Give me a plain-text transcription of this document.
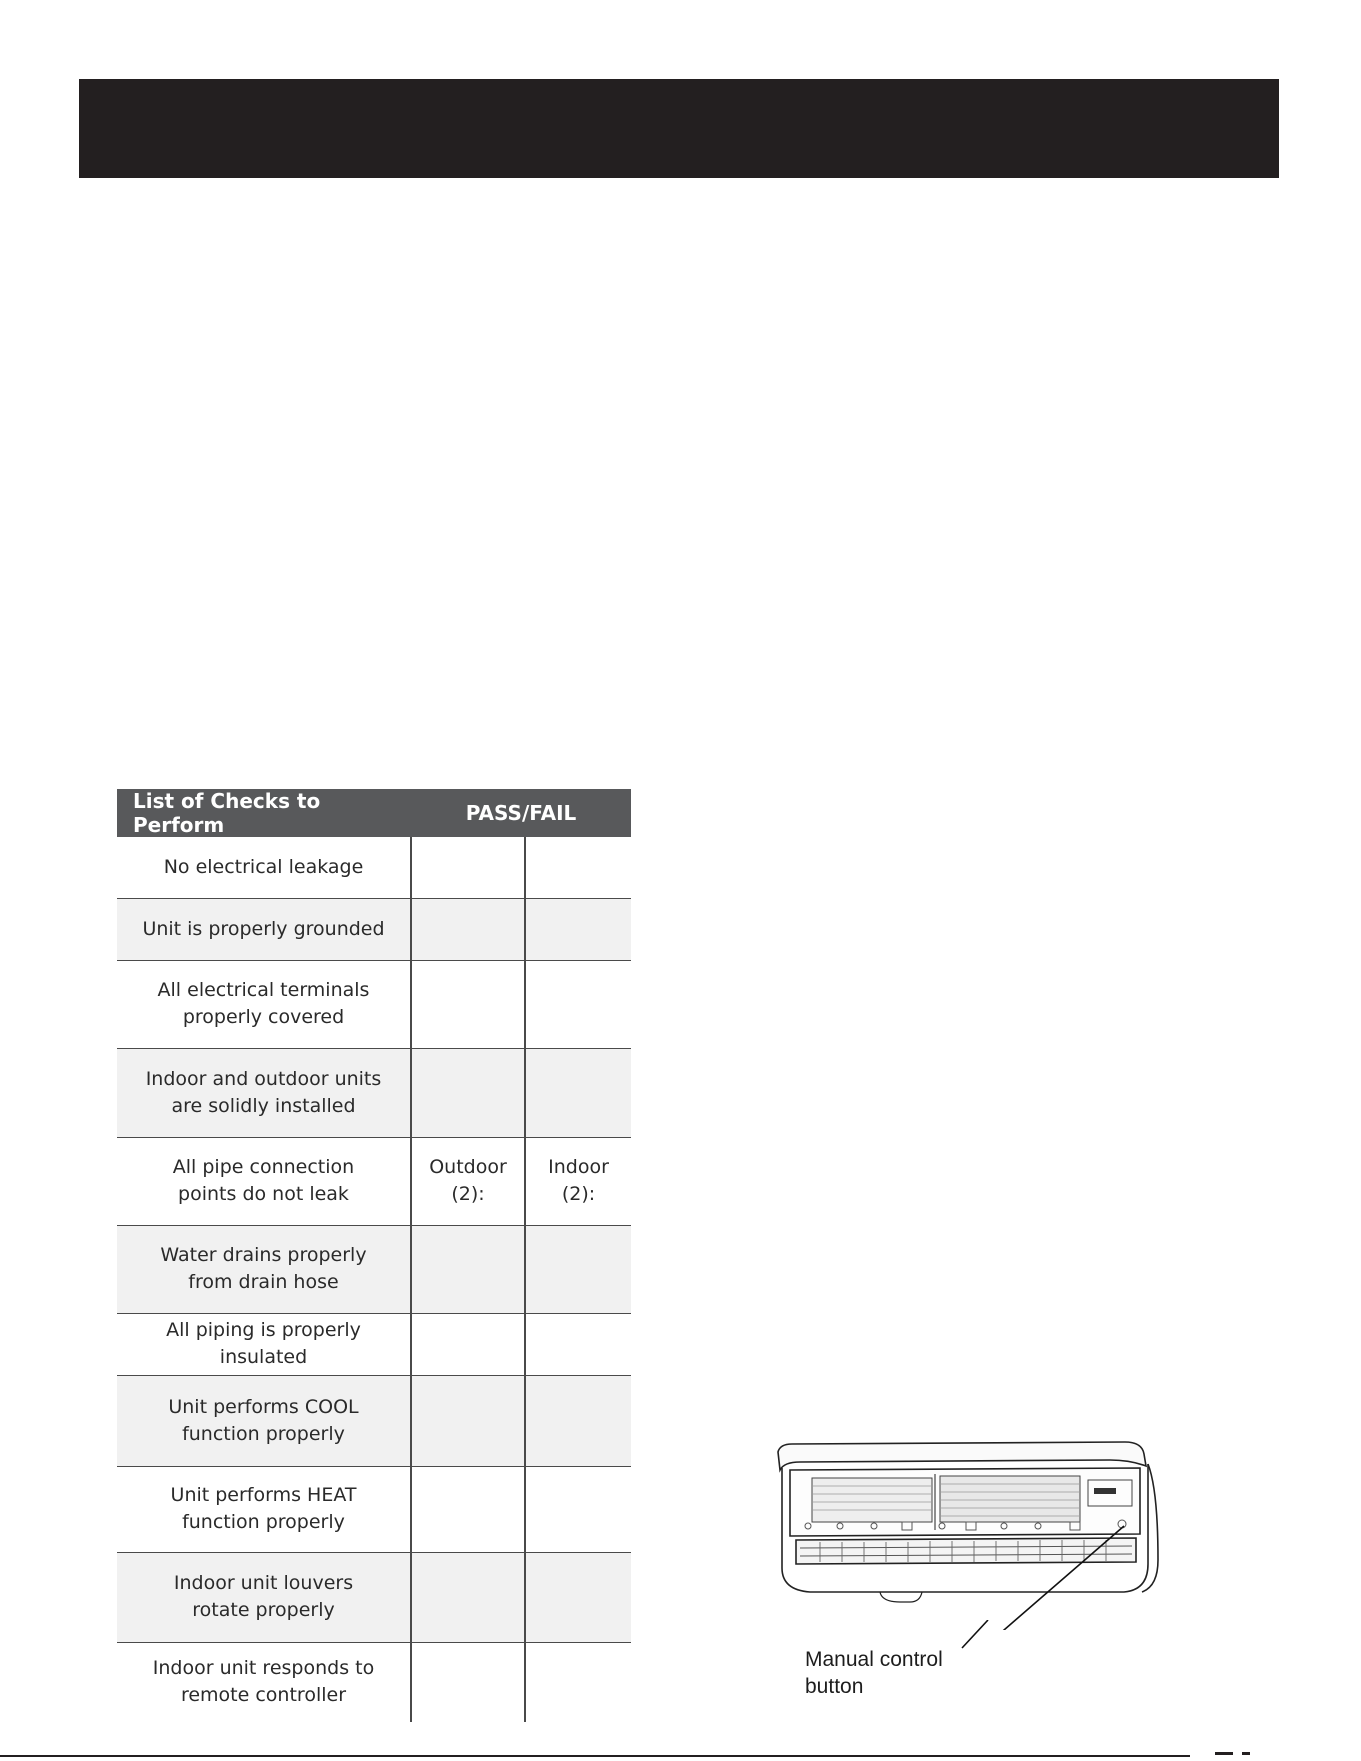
List of Checks to Perform	PASS/FAIL	

No electrical leakage		

Unit is properly grounded		

All electrical terminals properly covered		

Indoor and outdoor units are solidly installed		

All pipe connection points do not leak	Outdoor (2):	Indoor (2):

Water drains properly from drain hose		

All piping is properly insulated		

Unit performs COOL function properly		

Unit performs HEAT function properly		

Indoor unit louvers rotate properly		

Indoor unit responds to remote controller		

Manual control
button
